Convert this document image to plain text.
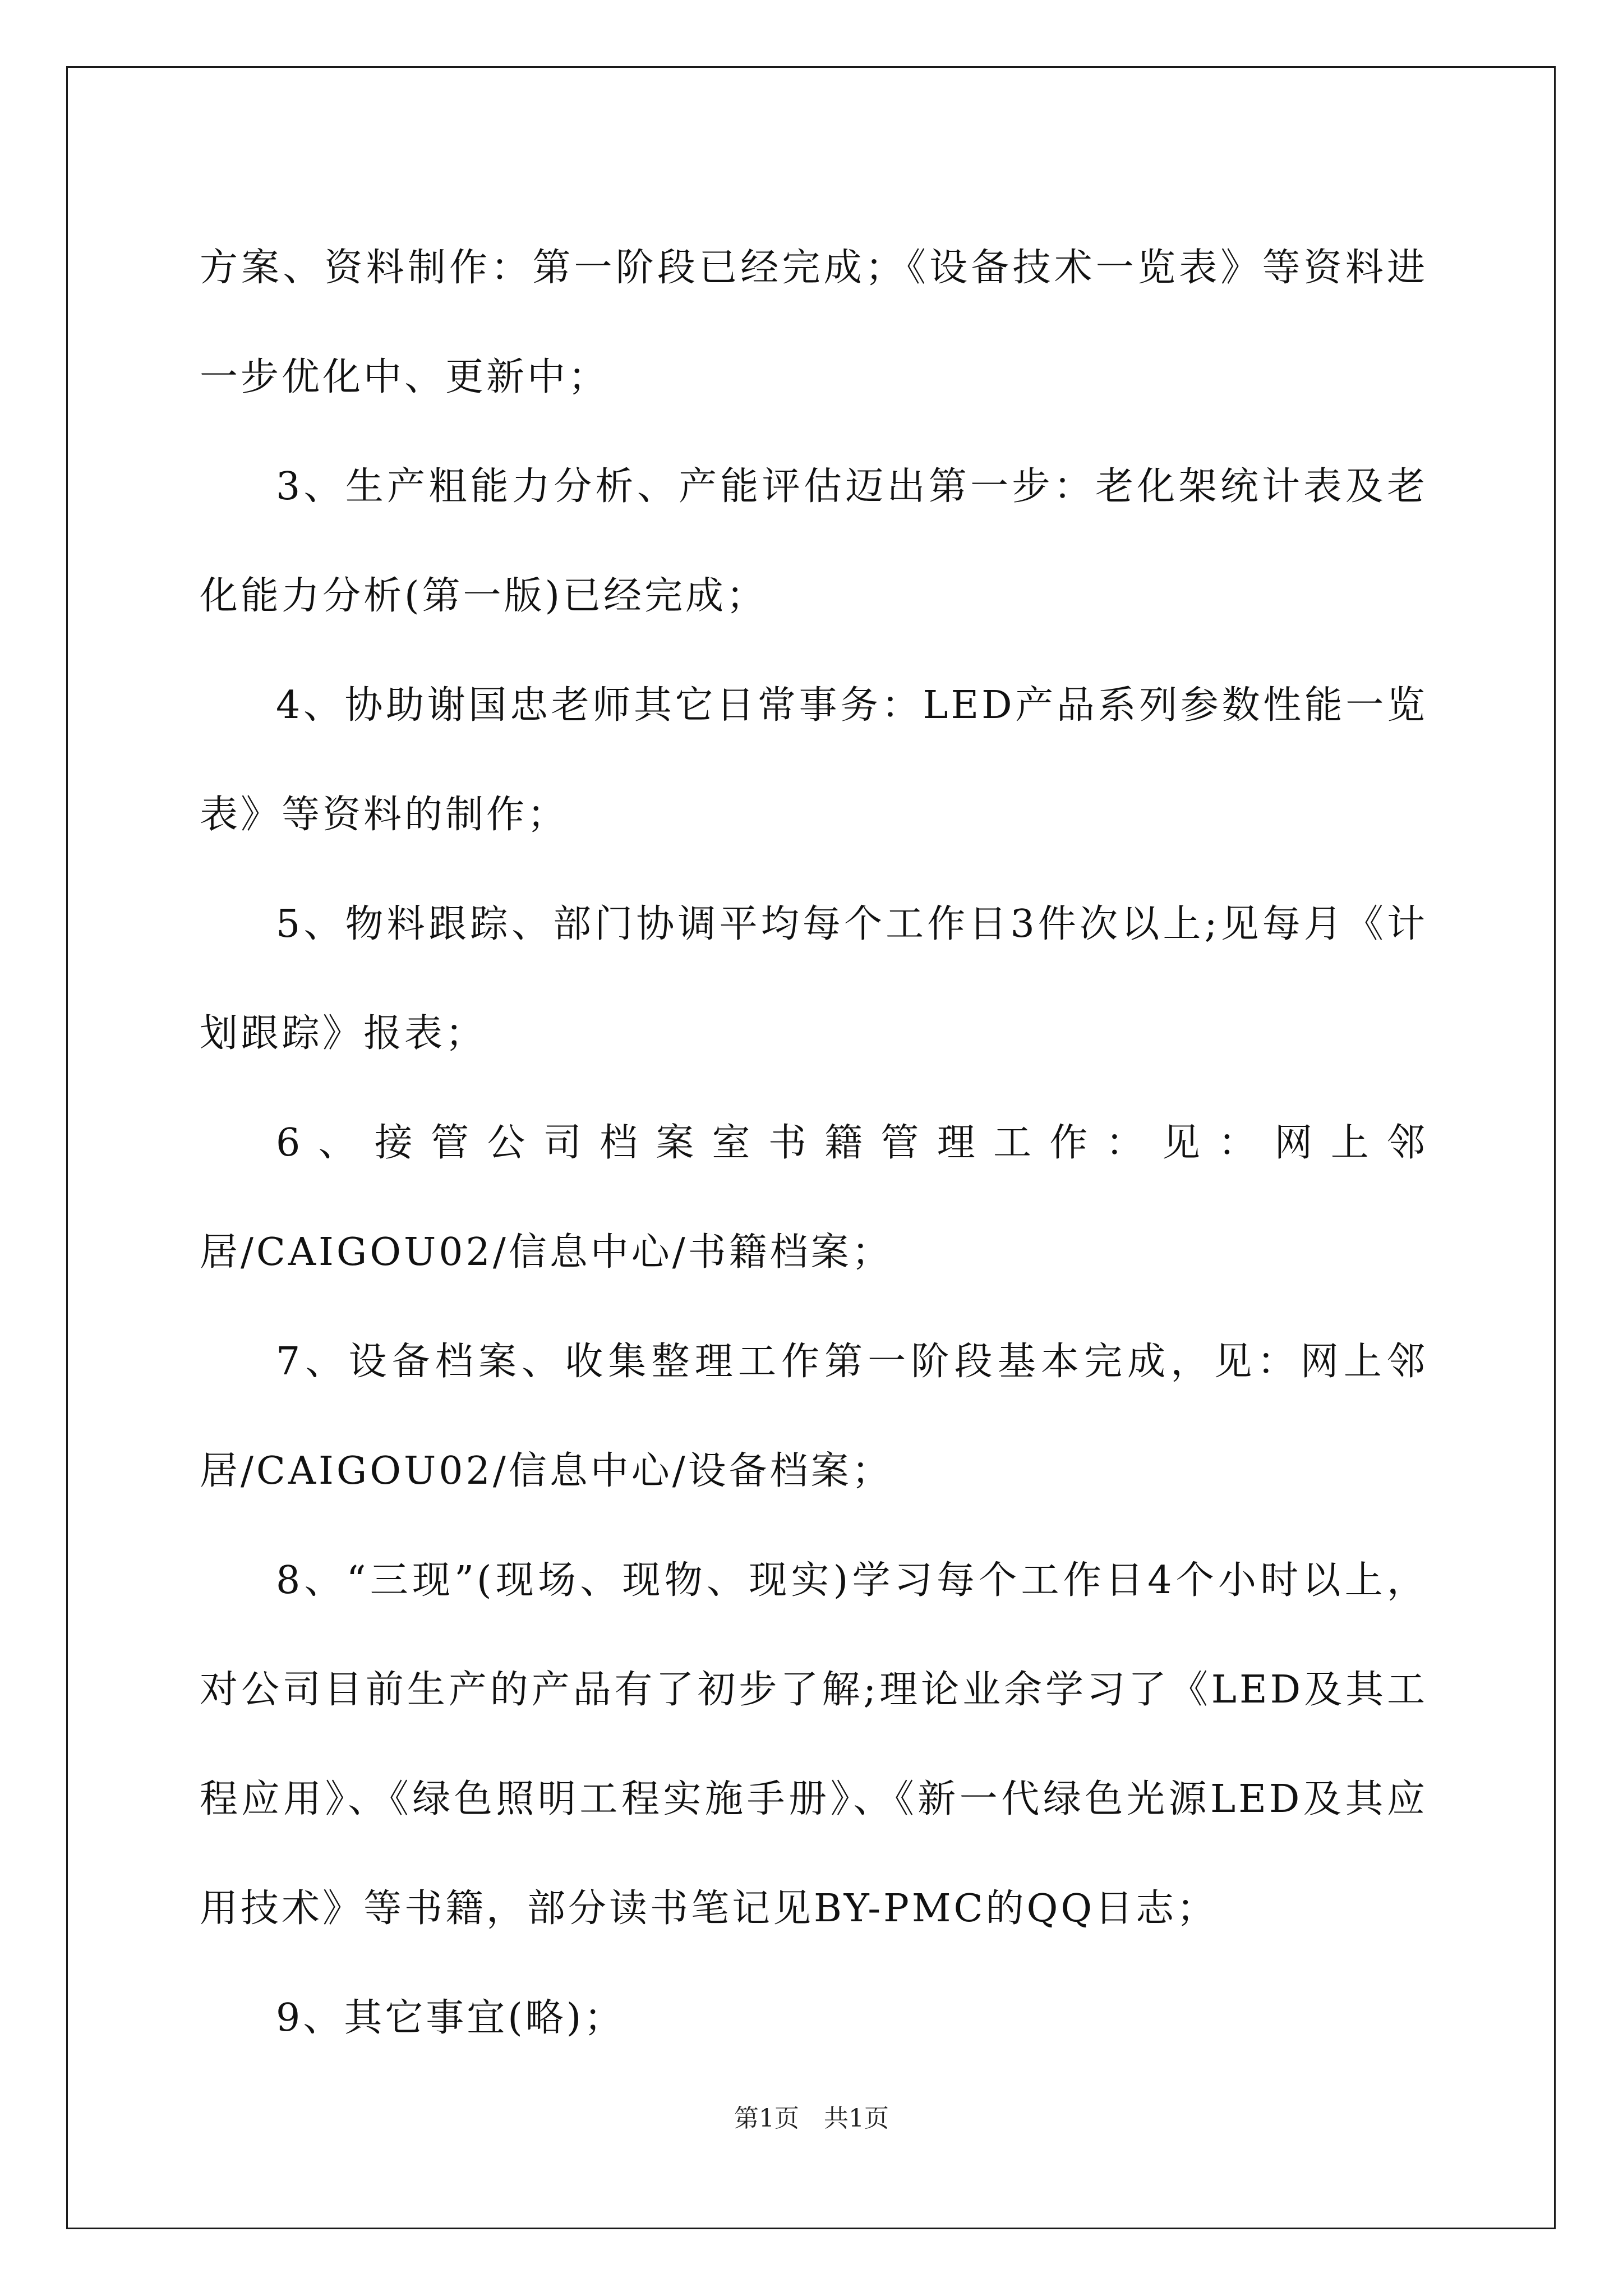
方案、资料制作：第一阶段已经完成；《设备技术一览表》等资料进一步优化中、更新中；

3、生产粗能力分析、产能评估迈出第一步：老化架统计表及老化能力分析(第一版)已经完成；

4、协助谢国忠老师其它日常事务：LED产品系列参数性能一览表》等资料的制作；

5、物料跟踪、部门协调平均每个工作日3件次以上;见每月《计划跟踪》报表；

6、接管公司档案室书籍管理工作：见：网上邻居/CAIGOU02/信息中心/书籍档案；

7、设备档案、收集整理工作第一阶段基本完成，见：网上邻居/CAIGOU02/信息中心/设备档案；

8、“三现”(现场、现物、现实)学习每个工作日4个小时以上，对公司目前生产的产品有了初步了解;理论业余学习了《LED及其工程应用》、《绿色照明工程实施手册》、《新一代绿色光源LED及其应用技术》等书籍，部分读书笔记见BY-PMC的QQ日志；

9、其它事宜(略)；

第1页　共1页
